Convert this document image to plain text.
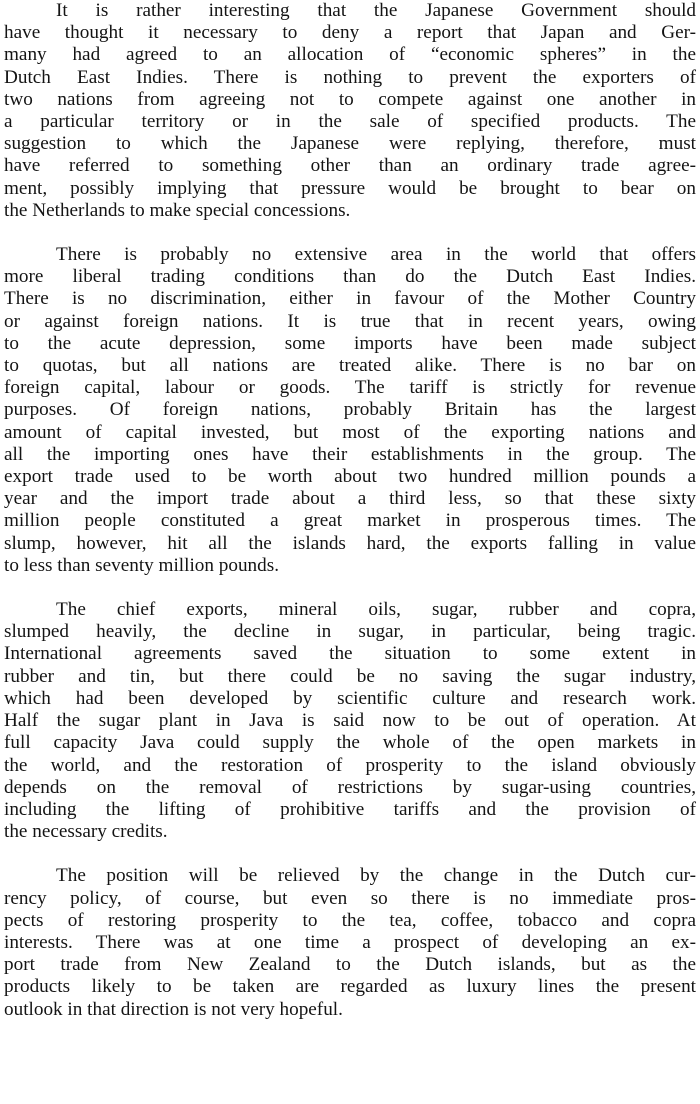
It is rather interesting that the Japanese Government should
have thought it necessary to deny a report that Japan and Ger-
many had agreed to an allocation of “economic spheres” in the
Dutch East Indies. There is nothing to prevent the exporters of
two nations from agreeing not to compete against one another in
a particular territory or in the sale of specified products. The
suggestion to which the Japanese were replying, therefore, must
have referred to something other than an ordinary trade agree-
ment, possibly implying that pressure would be brought to bear on
the Netherlands to make special concessions.

There is probably no extensive area in the world that offers
more liberal trading conditions than do the Dutch East Indies.
There is no discrimination, either in favour of the Mother Country
or against foreign nations. It is true that in recent years, owing
to the acute depression, some imports have been made subject
to quotas, but all nations are treated alike. There is no bar on
foreign capital, labour or goods. The tariff is strictly for revenue
purposes. Of foreign nations, probably Britain has the largest
amount of capital invested, but most of the exporting nations and
all the importing ones have their establishments in the group. The
export trade used to be worth about two hundred million pounds a
year and the import trade about a third less, so that these sixty
million people constituted a great market in prosperous times. The
slump, however, hit all the islands hard, the exports falling in value
to less than seventy million pounds.

The chief exports, mineral oils, sugar, rubber and copra,
slumped heavily, the decline in sugar, in particular, being tragic.
International agreements saved the situation to some extent in
rubber and tin, but there could be no saving the sugar industry,
which had been developed by scientific culture and research work.
Half the sugar plant in Java is said now to be out of operation. At
full capacity Java could supply the whole of the open markets in
the world, and the restoration of prosperity to the island obviously
depends on the removal of restrictions by sugar-using countries,
including the lifting of prohibitive tariffs and the provision of
the necessary credits.

The position will be relieved by the change in the Dutch cur-
rency policy, of course, but even so there is no immediate pros-
pects of restoring prosperity to the tea, coffee, tobacco and copra
interests. There was at one time a prospect of developing an ex-
port trade from New Zealand to the Dutch islands, but as the
products likely to be taken are regarded as luxury lines the present
outlook in that direction is not very hopeful.
